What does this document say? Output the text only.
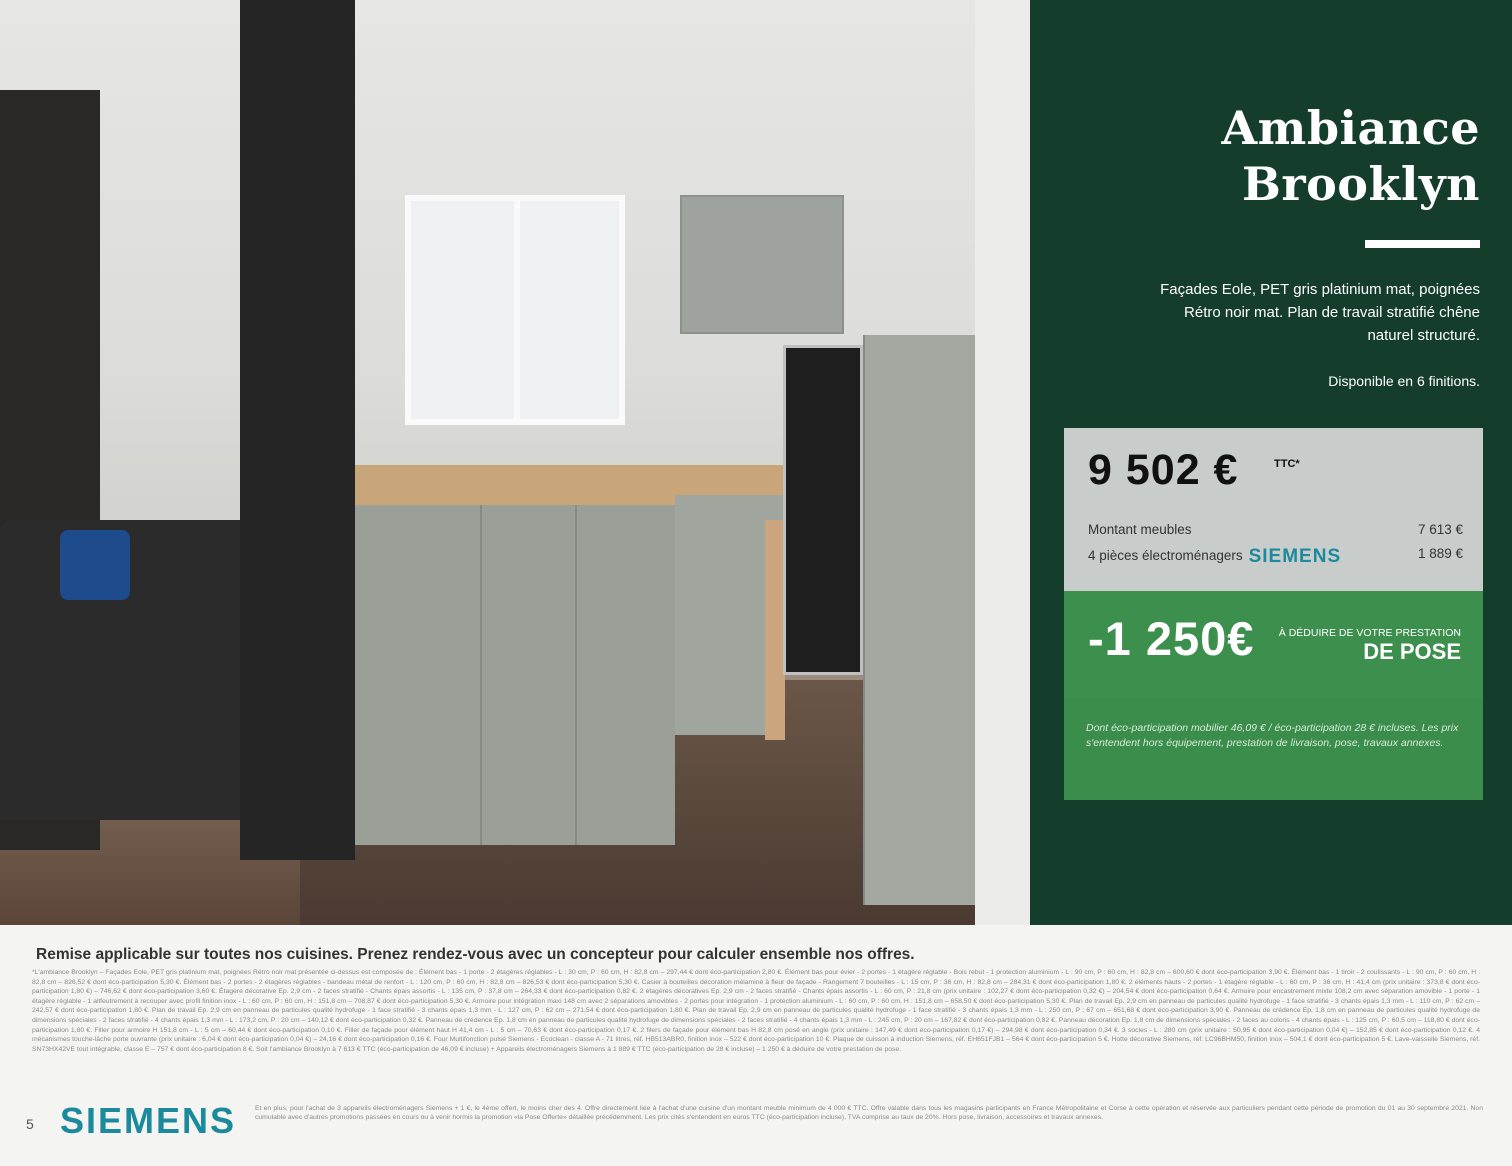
Ambiance
Brooklyn
Façades Eole, PET gris platinium mat, poignées Rétro noir mat. Plan de travail stratifié chêne naturel structuré.
Disponible en 6 finitions.
9 502 €	TTC*
Montant meubles	7 613 €
4 pièces électroménagers SIEMENS	1 889 €
-1 250€ À DÉDUIRE DE VOTRE PRESTATION
DE POSE
Dont éco-participation mobilier 46,09 € / éco-participation 28 € incluses. Les prix s'entendent hors équipement, prestation de livraison, pose, travaux annexes.
Remise applicable sur toutes nos cuisines. Prenez rendez-vous avec un concepteur pour calculer ensemble nos offres.
*L'ambiance Brooklyn – Façades Eole, PET gris platinium mat, poignées Rétro noir mat présentée ci-dessus est composée de : Élément bas - 1 porte - 2 étagères réglables - L : 30 cm, P : 60 cm, H : 82,8 cm – 297,44 € dont éco-participation 2,80 €. Élément bas pour évier - 2 portes - 1 étagère réglable - Bois rebut - 1 protection aluminium - L : 90 cm, P : 60 cm, H : 82,8 cm – 600,60 € dont éco-participation 3,90 €. Élément bas - 1 tiroir - 2 coulissants - L : 90 cm, P : 60 cm, H : 82,8 cm – 826,52 € dont éco-participation 5,30 €. Élément bas - 2 portes - 2 étagères réglables - bandeau métal de renfort - L : 120 cm, P : 60 cm, H : 82,8 cm – 826,53 € dont éco-participation 5,30 €. Casier à bouteilles décoration mélaminé à fleur de façade - Rangement 7 bouteilles - L : 15 cm, P : 36 cm, H : 82,8 cm – 284,31 € dont éco-participation 1,80 €. 2 éléments hauts - 2 portes - 1 étagère réglable - L : 60 cm, P : 36 cm, H : 41,4 cm (prix unitaire : 373,8 € dont éco-participation 1,80 €) – 746,62 € dont éco-participation 3,60 €. Étagère décorative Ep. 2,9 cm - 2 faces stratifié - Chants épais assortis - L : 135 cm, P : 37,8 cm – 264,33 € dont éco-participation 0,82 €. 2 étagères décoratives Ep. 2,9 cm - 2 faces stratifié - Chants épais assortis - L : 60 cm, P : 21,8 cm (prix unitaire : 102,27 € dont éco-participation 0,32 €) – 204,54 € dont éco-participation 0,64 €. Armoire pour encastrement mixte 108,2 cm avec séparation amovible - 1 porte - 1 étagère réglable - 1 allfeutrement à recouper avec profil finition inox - L : 60 cm, P : 60 cm, H : 151,8 cm – 708,87 € dont éco-participation 5,30 €. Armoire pour intégration maxi 148 cm avec 2 séparations amovibles - 2 portes pour intégration - 1 protection aluminium - L : 60 cm, P : 60 cm, H : 151,8 cm – 658,50 € dont éco-participation 5,30 €. Plan de travail Ep. 2,9 cm en panneau de particules qualité hydrofuge - 1 face stratifié - 3 chants épais 1,3 mm - L : 110 cm, P : 62 cm – 242,57 € dont éco-participation 1,80 €. Plan de travail Ep. 2,9 cm en panneau de particules qualité hydrofuge - 1 face stratifié - 3 chants épais 1,3 mm - L : 127 cm, P : 62 cm – 271,54 € dont éco-participation 1,80 €. Plan de travail Ep. 2,9 cm en panneau de particules qualité hydrofuge - 1 face stratifié - 3 chants épais 1,3 mm - L : 250 cm, P : 67 cm – 651,68 € dont éco-participation 3,90 €. Panneau de crédence Ep. 1,8 cm en panneau de particules qualité hydrofuge de dimensions spéciales - 2 faces stratifié - 4 chants épais 1,3 mm - L : 173,2 cm, P : 20 cm – 140,12 € dont éco-participation 0,32 €. Panneau de crédence Ep. 1,8 cm en panneau de particules qualité hydrofuge de dimensions spéciales - 2 faces stratifié - 4 chants épais 1,3 mm - L : 245 cm, P : 20 cm – 167,82 € dont éco-participation 0,82 €. Panneau décoration Ep. 1,8 cm de dimensions spéciales - 2 faces au coloris - 4 chants épais - L : 125 cm, P : 60,5 cm – 118,80 € dont éco-participation 1,80 €. Filler pour armoire H 151,8 cm - L : 5 cm – 60,44 € dont éco-participation 0,10 €. Filler de façade pour élément haut H 41,4 cm - L : 5 cm – 70,63 € dont éco-participation 0,17 €. 2 filers de façade pour élément bas H 82,8 cm posé en angle (prix unitaire : 147,49 € dont éco-participation 0,17 €) – 294,98 € dont éco-participation 0,34 €. 3 socles - L : 280 cm (prix unitaire : 50,95 € dont éco-participation 0,04 €) – 152,85 € dont éco-participation 0,12 €. 4 mécanismes touche-lâche porte ouvrante (prix unitaire : 6,04 € dont éco-participation 0,04 €) – 24,16 € dont éco-participation 0,16 €. Four Multifonction pulsé Siemens - Ecoclean - classe A - 71 litres, réf. HB513ABR0, finition inox – 522 € dont éco-participation 10 €. Plaque de cuisson à induction Siemens, réf. EH651FJB1 – 564 € dont éco-participation 5 €. Hotte décorative Siemens, réf. LC96BHM50, finition inox – 504,1 € dont éco-participation 5 €. Lave-vaisselle Siemens, réf. SN73HX42VE tout intégrable, classe E – 757 € dont éco-participation 8 €. Soit l'ambiance Brooklyn à 7 613 € TTC (éco-participation de 46,09 € incluse) + Appareils électroménagers Siemens à 1 889 € TTC (éco-participation de 28 € incluse) – 1 250 € à déduire de votre prestation de pose.
5 SIEMENS	Et en plus, pour l'achat de 3 appareils électroménagers Siemens + 1 €, le 4ème offert, le moins cher des 4. Offre directement liée à l'achat d'une cuisine d'un montant meuble minimum de 4 000 € TTC. Offre valable dans tous les magasins participants en France Métropolitaine et Corse à cette opération et réservée aux particuliers pendant cette période de promotion du 01 au 30 septembre 2021. Non cumulable avec d'autres promotions passées en cours ou à venir hormis la promotion «la Pose Offerte» détaillée précédemment. Les prix cités s'entendent en euros TTC (éco-participation incluse), TVA comprise au taux de 20%. Hors pose, livraison, accessoires et travaux annexes.
